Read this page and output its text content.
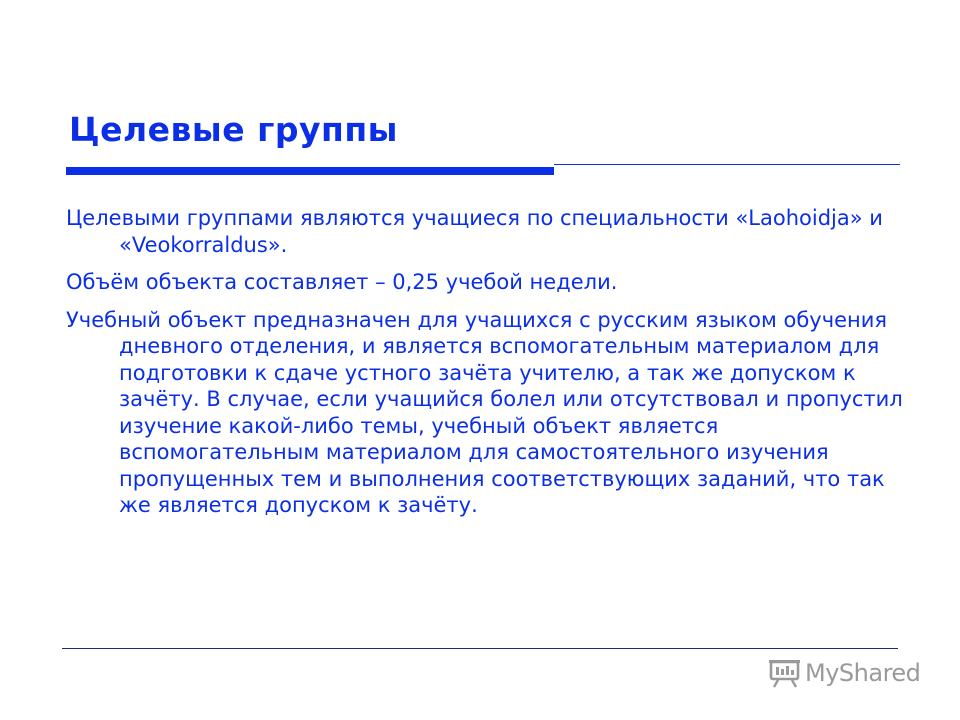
Целевые группы

Целевыми группами являются учащиеся по специальности «Laohoidja» и «Veokorraldus».

Объём объекта составляет – 0,25 учебой недели.

Учебный объект предназначен для учащихся с русским языком обучения дневного отделения, и является вспомогательным материалом для подготовки к сдаче устного зачёта учителю, а так же допуском к зачёту. В случае, если учащийся болел или отсутствовал и пропустил изучение какой-либо темы, учебный объект является вспомогательным материалом для самостоятельного изучения пропущенных тем и выполнения соответствующих заданий, что так же является допуском к зачёту.

MyShared
